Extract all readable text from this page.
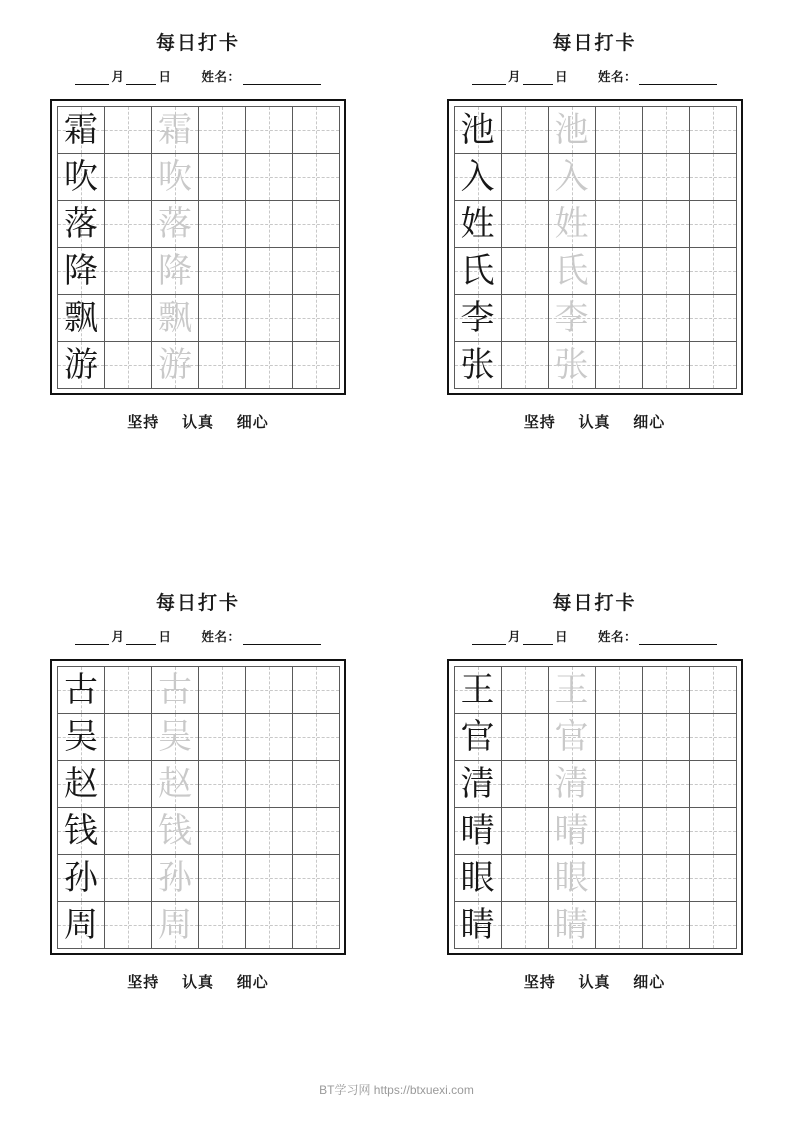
每日打卡
月	日 姓名：
霜 霜
吹 吹
落 落
降 降
飘 飘
游 游
坚持 认真 细心
每日打卡
月	日 姓名：
池 池
入 入
姓 姓
氏 氏
李 李
张 张
坚持 认真 细心
每日打卡
月	日 姓名：
古 古
吴 吴
赵 赵
钱 钱
孙 孙
周 周
坚持 认真 细心
每日打卡
月	日 姓名：
王 王
官 官
清 清
晴 晴
眼 眼
睛 睛
坚持 认真 细心
BT学习网 https://btxuexi.com
